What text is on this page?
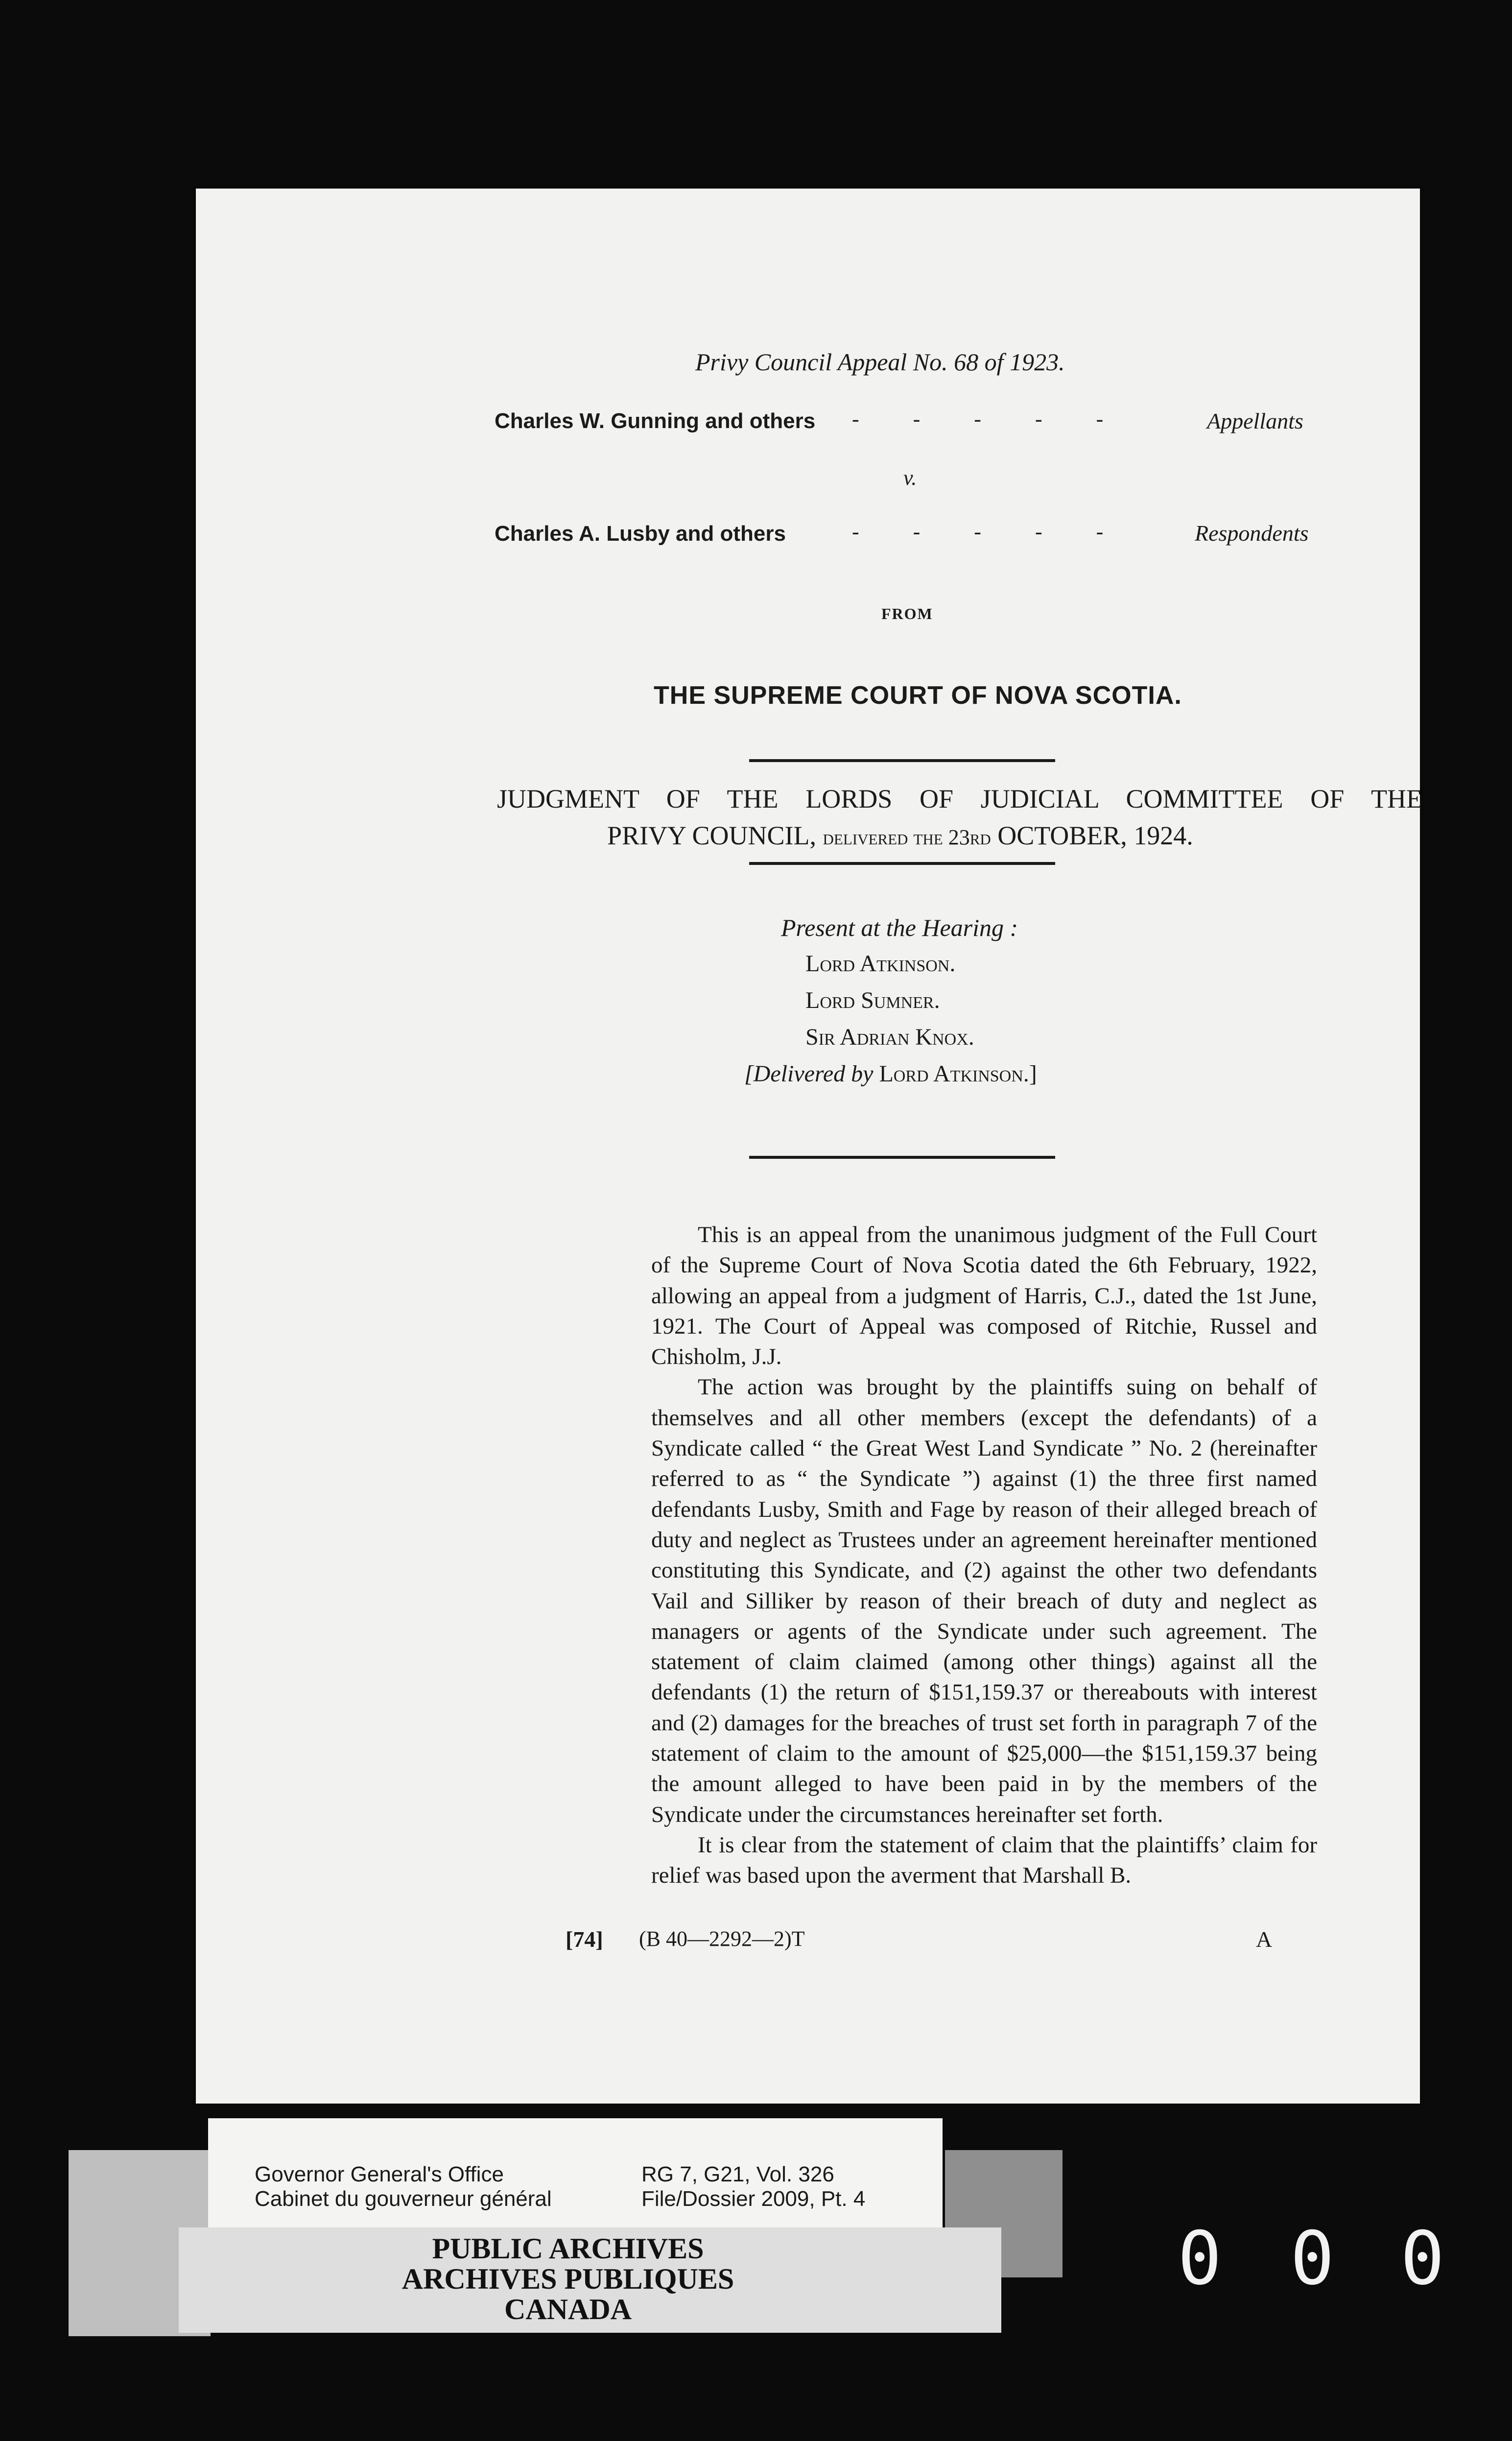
Privy Council Appeal No. 68 of 1923.
Charles W. Gunning and others -          -          -          -          -	Appellants
v.
Charles A. Lusby and others	-          -          -          -          -	Respondents
FROM
THE SUPREME COURT OF NOVA SCOTIA.
JUDGMENT OF THE LORDS OF JUDICIAL COMMITTEE OF THE
PRIVY COUNCIL, delivered the 23rd OCTOBER, 1924.
Present at the Hearing :
Lord Atkinson.
Lord Sumner.
Sir Adrian Knox.
[Delivered by Lord Atkinson.]
[74] (B 40—2292—2)T	A

This is an appeal from the unanimous judgment of the Full Court of the Supreme Court of Nova Scotia dated the 6th February, 1922, allowing an appeal from a judgment of Harris, C.J., dated the 1st June, 1921. The Court of Appeal was composed of Ritchie, Russel and Chisholm, J.J.

The action was brought by the plaintiffs suing on behalf of themselves and all other members (except the defendants) of a Syndicate called “ the Great West Land Syndicate ” No. 2 (hereinafter referred to as “ the Syndicate ”) against (1) the three first named defendants Lusby, Smith and Fage by reason of their alleged breach of duty and neglect as Trustees under an agreement hereinafter mentioned constituting this Syndicate, and (2) against the other two defendants Vail and Silliker by reason of their breach of duty and neglect as managers or agents of the Syndicate under such agreement. The statement of claim claimed (among other things) against all the defendants (1) the return of $151,159.37 or thereabouts with interest and (2) damages for the breaches of trust set forth in paragraph 7 of the statement of claim to the amount of $25,000—the $151,159.37 being the amount alleged to have been paid in by the members of the Syndicate under the circumstances hereinafter set forth.

It is clear from the statement of claim that the plaintiffs’ claim for relief was based upon the averment that Marshall B.

Governor General's Office
Cabinet du gouverneur général
RG 7, G21, Vol. 326
File/Dossier 2009, Pt. 4
PUBLIC ARCHIVES
ARCHIVES PUBLIQUES
CANADA
0 0 0
